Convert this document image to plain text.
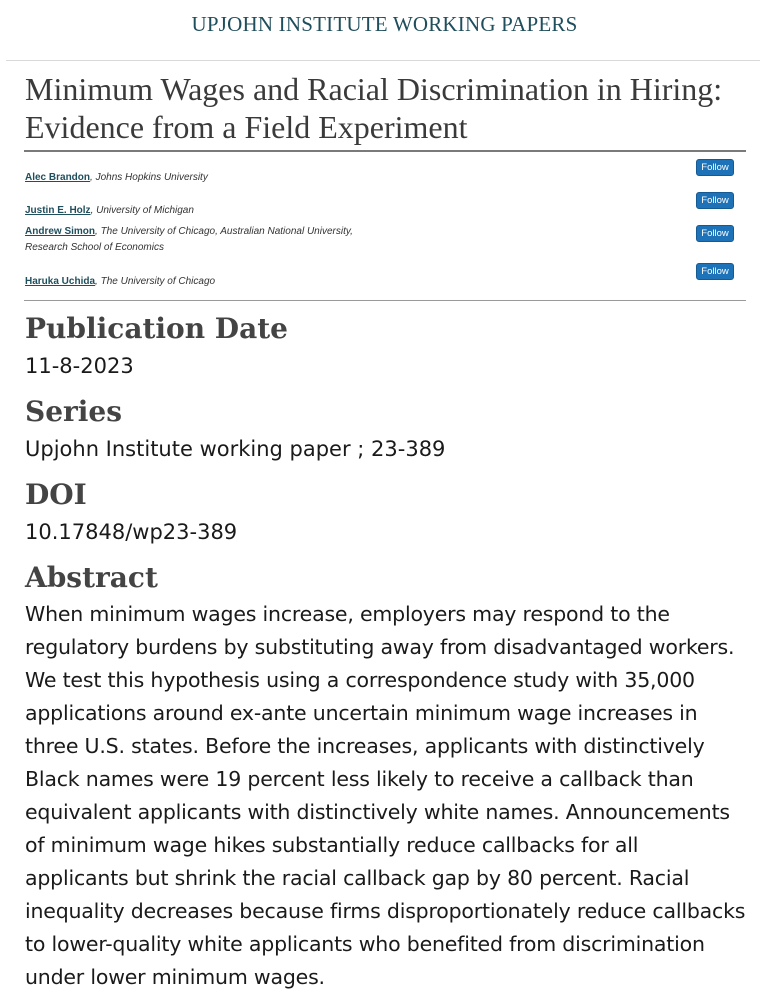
UPJOHN INSTITUTE WORKING PAPERS
Minimum Wages and Racial Discrimination in Hiring: Evidence from a Field Experiment
Alec Brandon, Johns Hopkins University
Follow
Justin E. Holz, University of Michigan
Follow
Andrew Simon, The University of Chicago, Australian National University, Research School of Economics
Follow
Haruka Uchida, The University of Chicago
Follow
Publication Date

11-8-2023

Series

Upjohn Institute working paper ; 23-389

DOI

10.17848/wp23-389

Abstract

When minimum wages increase, employers may respond to the regulatory burdens by substituting away from disadvantaged workers. We test this hypothesis using a correspondence study with 35,000 applications around ex-ante uncertain minimum wage increases in three U.S. states. Before the increases, applicants with distinctively Black names were 19 percent less likely to receive a callback than equivalent applicants with distinctively white names. Announcements of minimum wage hikes substantially reduce callbacks for all applicants but shrink the racial callback gap by 80 percent. Racial inequality decreases because firms disproportionately reduce callbacks to lower-quality white applicants who benefited from discrimination under lower minimum wages.
